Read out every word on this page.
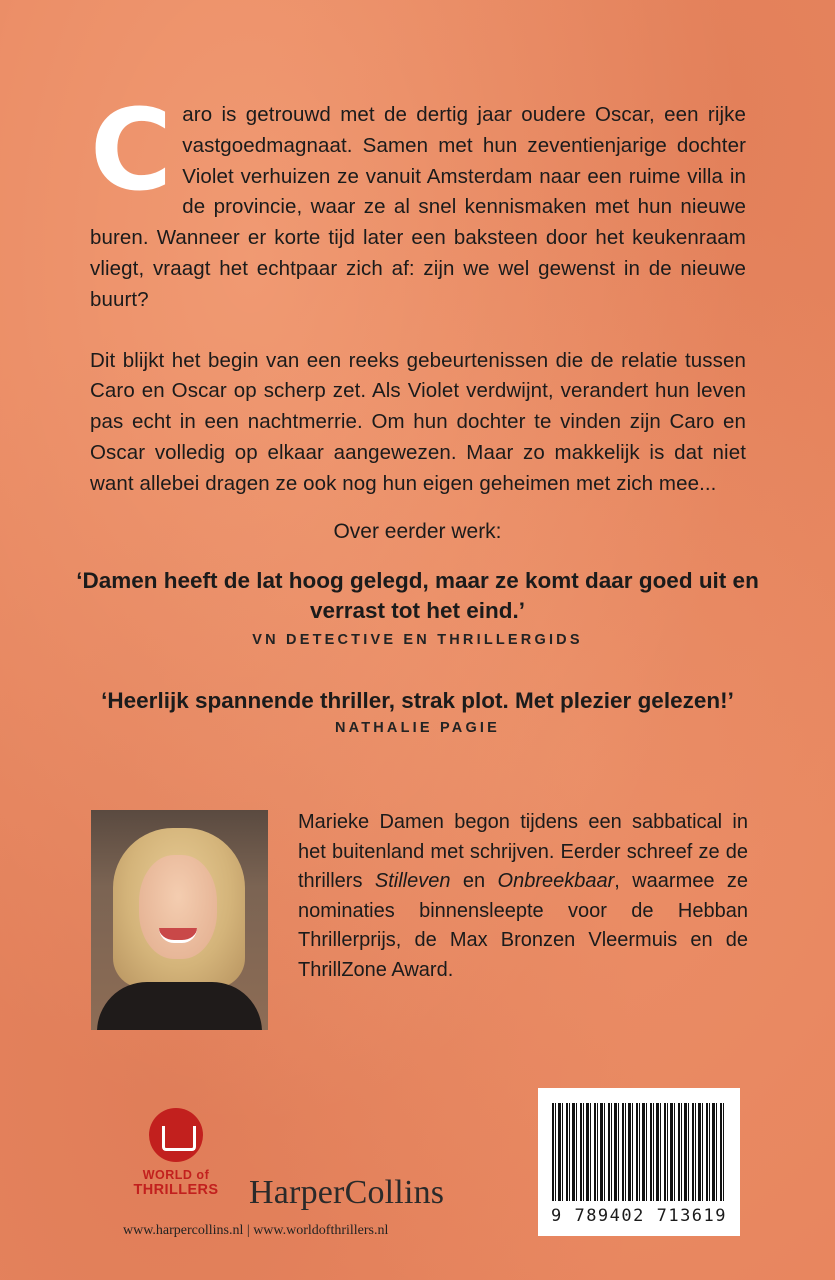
C aro is getrouwd met de dertig jaar oudere Oscar, een rijke vastgoedmagnaat. Samen met hun zeventienjarige dochter Violet verhuizen ze vanuit Amsterdam naar een ruime villa in de provincie, waar ze al snel kennismaken met hun nieuwe buren. Wanneer er korte tijd later een baksteen door het keukenraam vliegt, vraagt het echtpaar zich af: zijn we wel gewenst in de nieuwe buurt?

Dit blijkt het begin van een reeks gebeurtenissen die de relatie tussen Caro en Oscar op scherp zet. Als Violet verdwijnt, verandert hun leven pas echt in een nachtmerrie. Om hun dochter te vinden zijn Caro en Oscar volledig op elkaar aangewezen. Maar zo makkelijk is dat niet want allebei dragen ze ook nog hun eigen geheimen met zich mee...

Over eerder werk:
‘Damen heeft de lat hoog gelegd, maar ze komt daar goed uit en verrast tot het eind.’
VN DETECTIVE EN THRILLERGIDS
‘Heerlijk spannende thriller, strak plot. Met plezier gelezen!’
NATHALIE PAGIE
Marieke Damen begon tijdens een sabbatical in het buitenland met schrijven. Eerder schreef ze de thrillers Stilleven en Onbreekbaar, waarmee ze nominaties binnensleepte voor de Hebban Thrillerprijs, de Max Bronzen Vleermuis en de ThrillZone Award.
WORLD of
THRILLERS HarperCollins
www.harpercollins.nl | www.worldofthrillers.nl
9 789402 713619
